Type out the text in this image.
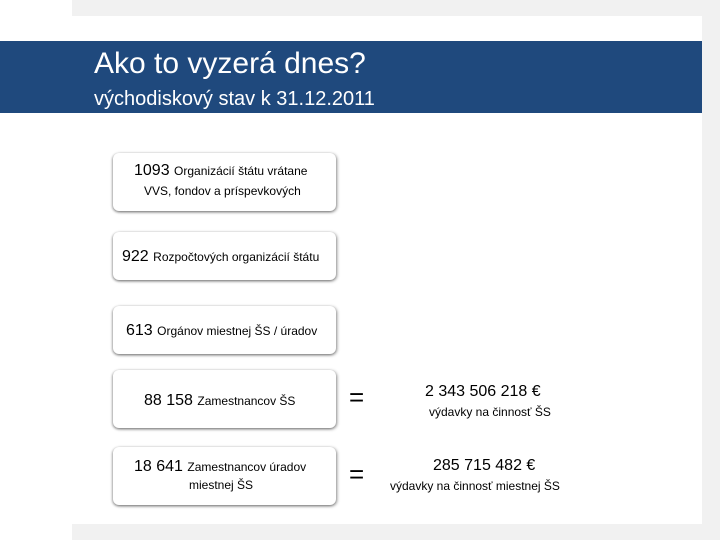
Ako to vyzerá dnes?
východiskový stav k 31.12.2011
1093 Organizácií štátu vrátane
VVS, fondov a príspevkových
922 Rozpočtových organizácií štátu
613 Orgánov miestnej ŠS / úradov
88 158 Zamestnancov ŠS
18 641 Zamestnancov úradov
miestnej ŠS
=
=
2 343 506 218 €
výdavky na činnosť ŠS
285 715 482 €
výdavky na činnosť miestnej ŠS
